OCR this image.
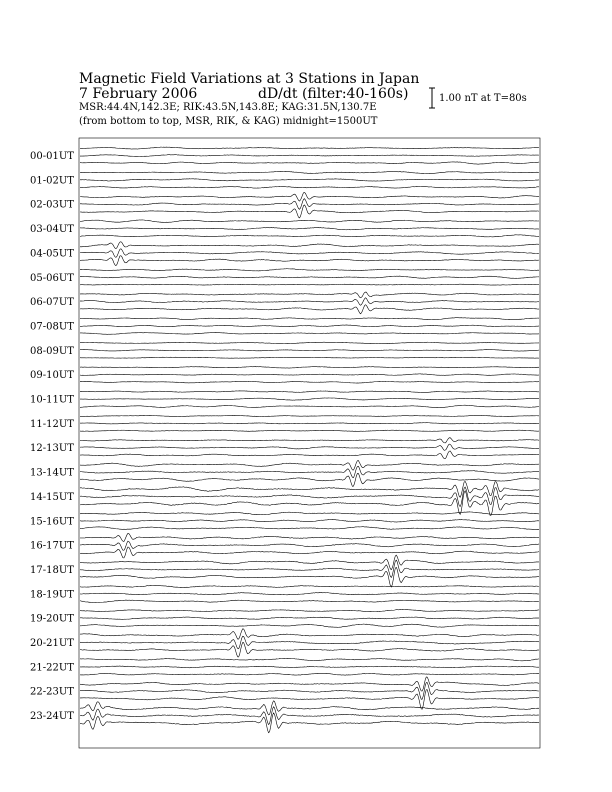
Magnetic Field Variations at 3 Stations in Japan
7 February 2006	dD/dt (filter:40-160s)
MSR:44.4N,142.3E; RIK:43.5N,143.8E; KAG:31.5N,130.7E
(from bottom to top, MSR, RIK, & KAG) midnight=1500UT
1.00 nT at T=80s
00-01UT
01-02UT
02-03UT
03-04UT
04-05UT
05-06UT
06-07UT
07-08UT
08-09UT
09-10UT
10-11UT
11-12UT
12-13UT
13-14UT
14-15UT
15-16UT
16-17UT
17-18UT
18-19UT
19-20UT
20-21UT
21-22UT
22-23UT
23-24UT
